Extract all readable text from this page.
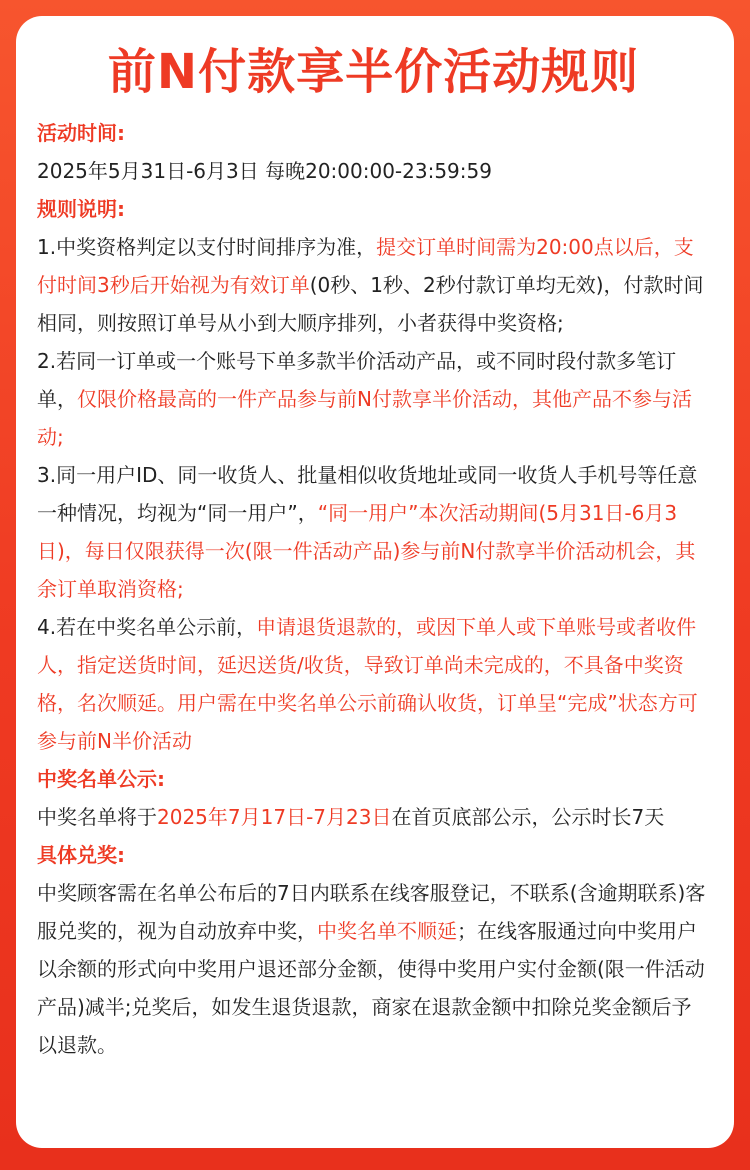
前N付款享半价活动规则

活动时间:

2025年5月31日-6月3日 每晚20:00:00-23:59:59

规则说明:

1.中奖资格判定以支付时间排序为准，提交订单时间需为20:00点以后，支付时间3秒后开始视为有效订单(0秒、1秒、2秒付款订单均无效)，付款时间相同，则按照订单号从小到大顺序排列，小者获得中奖资格;

2.若同一订单或一个账号下单多款半价活动产品，或不同时段付款多笔订单，仅限价格最高的一件产品参与前N付款享半价活动，其他产品不参与活动;

3.同一用户ID、同一收货人、批量相似收货地址或同一收货人手机号等任意一种情况，均视为“同一用户”，“同一用户”本次活动期间(5月31日-6月3日)，每日仅限获得一次(限一件活动产品)参与前N付款享半价活动机会，其余订单取消资格;

4.若在中奖名单公示前，申请退货退款的，或因下单人或下单账号或者收件人，指定送货时间，延迟送货/收货，导致订单尚未完成的，不具备中奖资格，名次顺延。用户需在中奖名单公示前确认收货，订单呈“完成”状态方可参与前N半价活动

中奖名单公示:

中奖名单将于2025年7月17日-7月23日在首页底部公示，公示时长7天

具体兑奖:

中奖顾客需在名单公布后的7日内联系在线客服登记，不联系(含逾期联系)客服兑奖的，视为自动放弃中奖，中奖名单不顺延；在线客服通过向中奖用户以余额的形式向中奖用户退还部分金额，使得中奖用户实付金额(限一件活动产品)减半;兑奖后，如发生退货退款，商家在退款金额中扣除兑奖金额后予以退款。
